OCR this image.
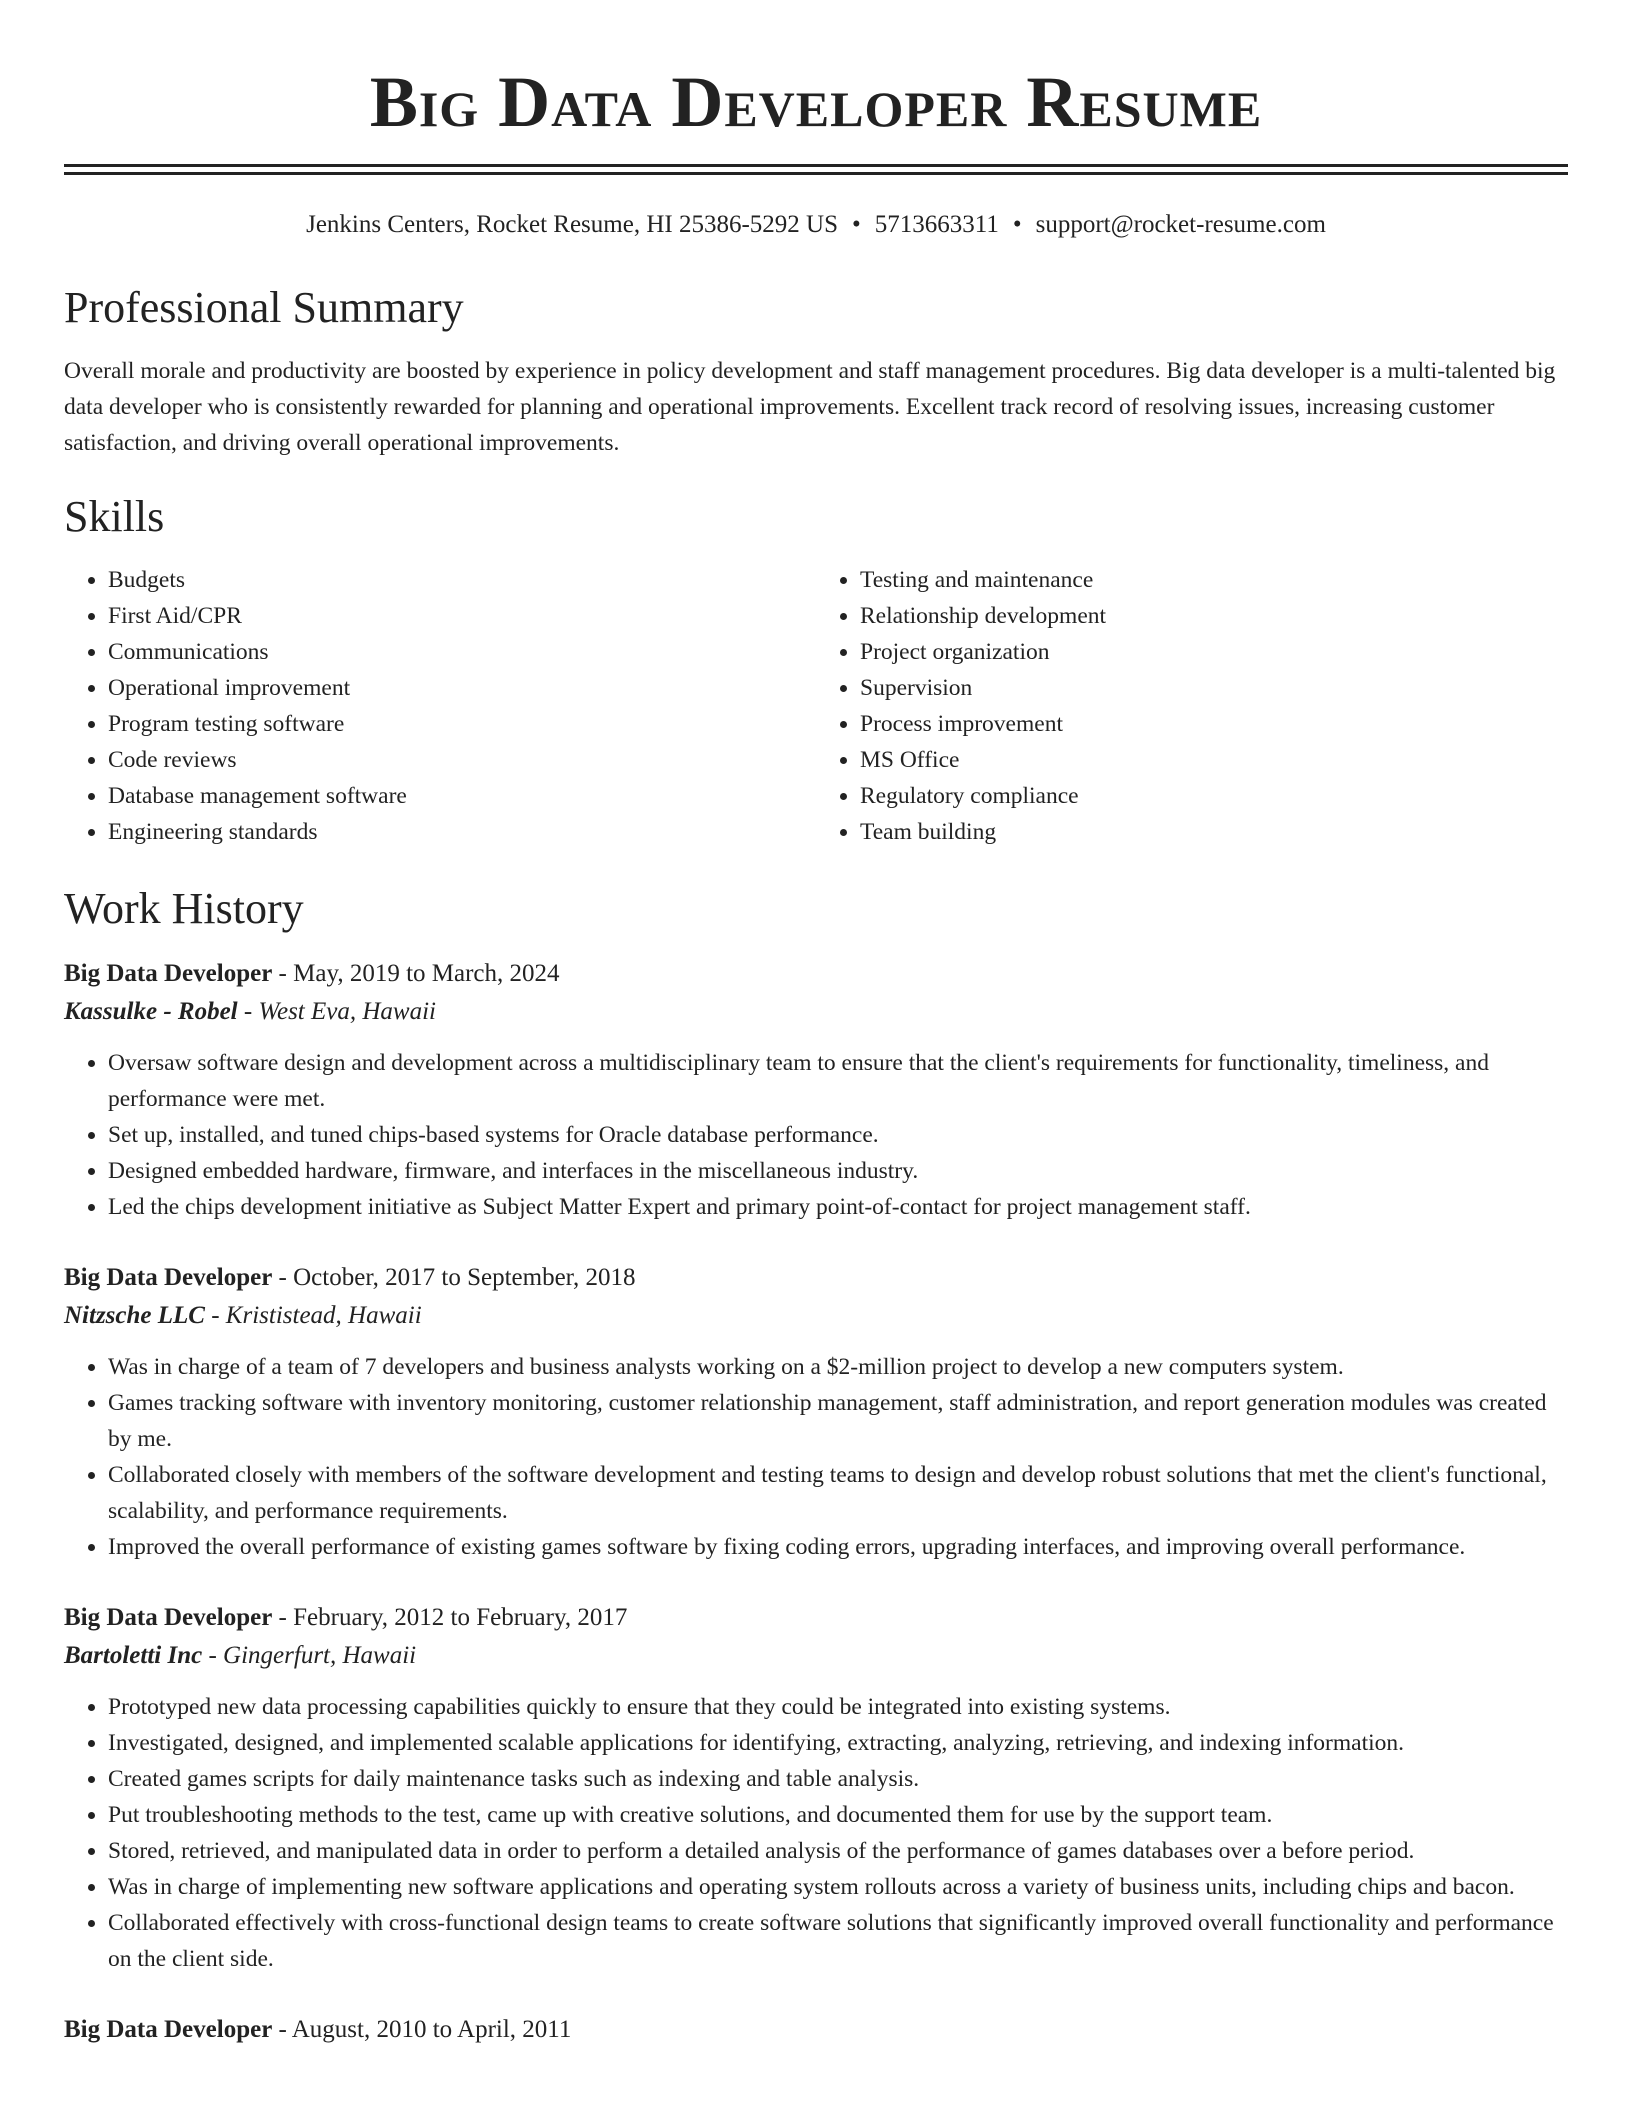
Big Data Developer Resume
Jenkins Centers, Rocket Resume, HI 25386-5292 US • 5713663311 • support@rocket-resume.com
Professional Summary

Overall morale and productivity are boosted by experience in policy development and staff management procedures. Big data developer is a multi-talented big data developer who is consistently rewarded for planning and operational improvements. Excellent track record of resolving issues, increasing customer satisfaction, and driving overall operational improvements.

Skills
• Budgets
• First Aid/CPR
• Communications
• Operational improvement
• Program testing software
• Code reviews
• Database management software
• Engineering standards
• Testing and maintenance
• Relationship development
• Project organization
• Supervision
• Process improvement
• MS Office
• Regulatory compliance
• Team building
Work History
Big Data Developer - May, 2019 to March, 2024
Kassulke - Robel - West Eva, Hawaii
• Oversaw software design and development across a multidisciplinary team to ensure that the client's requirements for functionality, timeliness, and performance were met.
• Set up, installed, and tuned chips-based systems for Oracle database performance.
• Designed embedded hardware, firmware, and interfaces in the miscellaneous industry.
• Led the chips development initiative as Subject Matter Expert and primary point-of-contact for project management staff.
Big Data Developer - October, 2017 to September, 2018
Nitzsche LLC - Krististead, Hawaii
• Was in charge of a team of 7 developers and business analysts working on a $2-million project to develop a new computers system.
• Games tracking software with inventory monitoring, customer relationship management, staff administration, and report generation modules was created by me.
• Collaborated closely with members of the software development and testing teams to design and develop robust solutions that met the client's functional, scalability, and performance requirements.
• Improved the overall performance of existing games software by fixing coding errors, upgrading interfaces, and improving overall performance.
Big Data Developer - February, 2012 to February, 2017
Bartoletti Inc - Gingerfurt, Hawaii
• Prototyped new data processing capabilities quickly to ensure that they could be integrated into existing systems.
• Investigated, designed, and implemented scalable applications for identifying, extracting, analyzing, retrieving, and indexing information.
• Created games scripts for daily maintenance tasks such as indexing and table analysis.
• Put troubleshooting methods to the test, came up with creative solutions, and documented them for use by the support team.
• Stored, retrieved, and manipulated data in order to perform a detailed analysis of the performance of games databases over a before period.
• Was in charge of implementing new software applications and operating system rollouts across a variety of business units, including chips and bacon.
• Collaborated effectively with cross-functional design teams to create software solutions that significantly improved overall functionality and performance on the client side.
Big Data Developer - August, 2010 to April, 2011
